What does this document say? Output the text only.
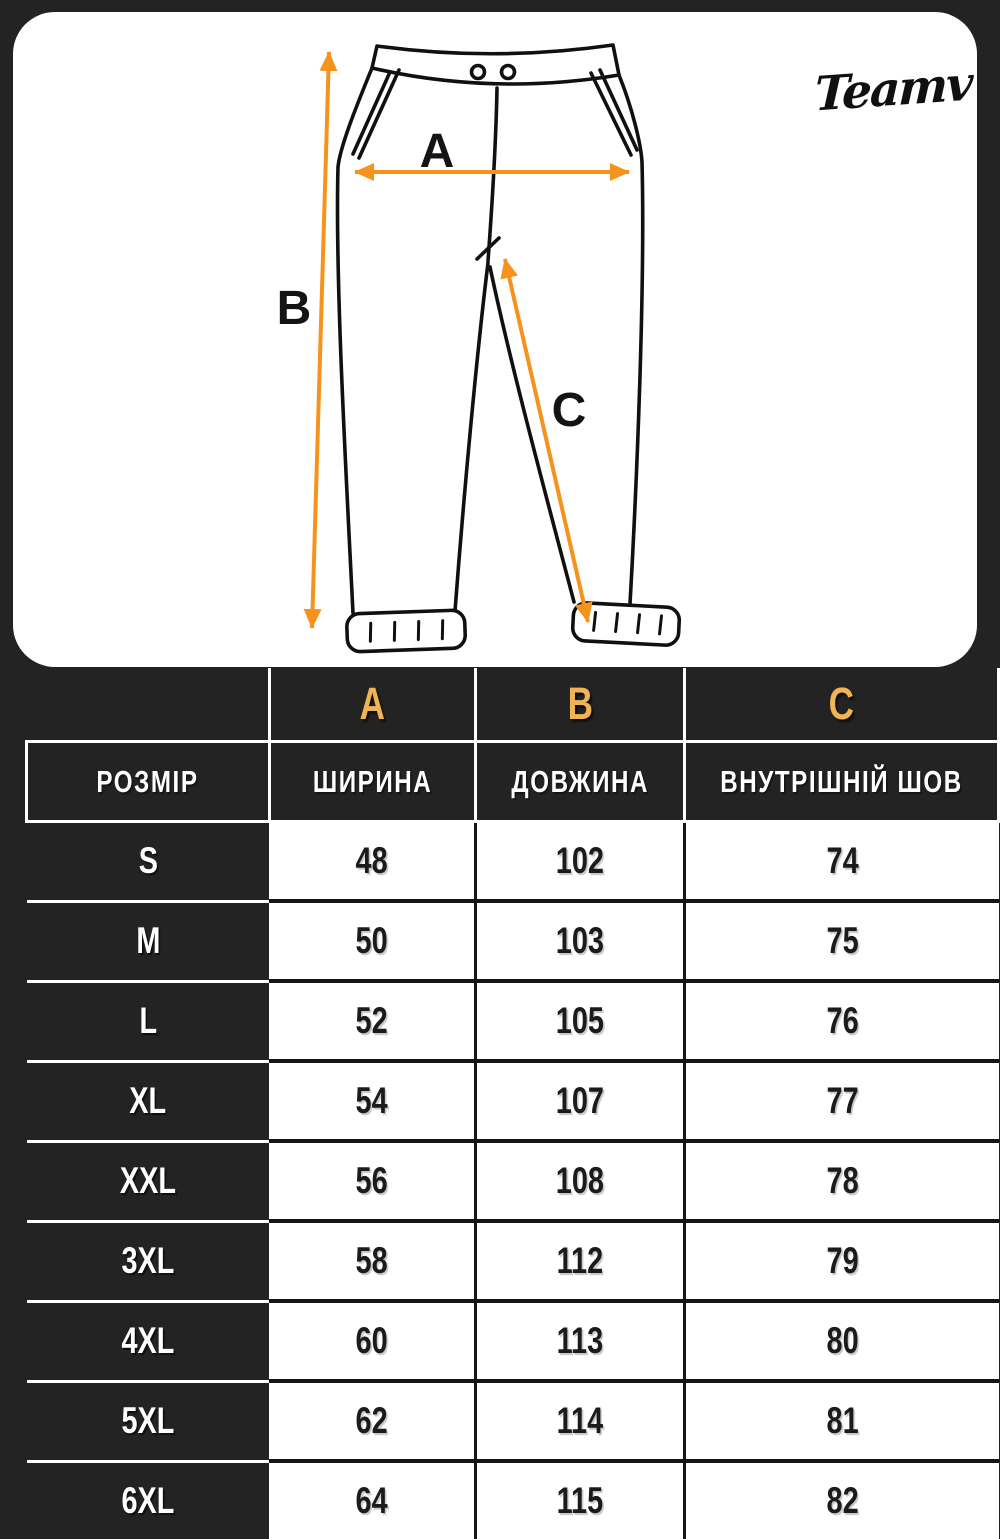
A
B
C
Teamv
	A	B	C
РОЗМІР	ШИРИНА	ДОВЖИНА	ВНУТРІШНІЙ ШОВ
S	48	102	74
M	50	103	75
L	52	105	76
XL	54	107	77
XXL	56	108	78
3XL	58	112	79
4XL	60	113	80
5XL	62	114	81
6XL	64	115	82
